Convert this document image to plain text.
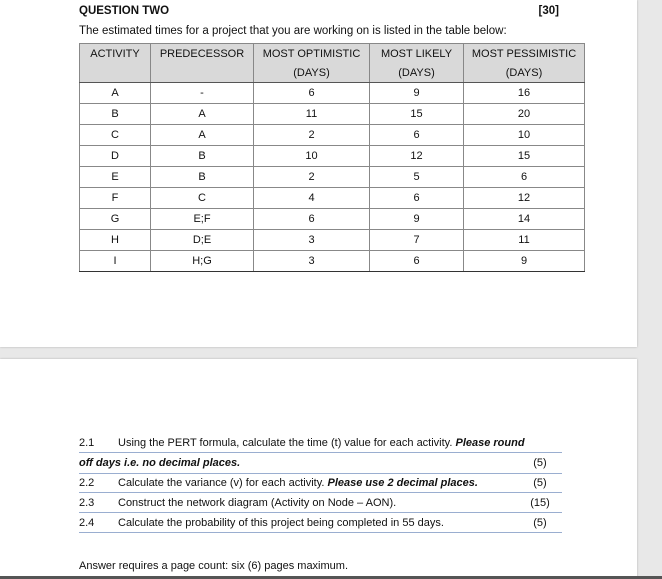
QUESTION TWO	[30]
The estimated times for a project that you are working on is listed in the table below:
ACTIVITY	PREDECESSOR	MOST OPTIMISTIC	MOST LIKELY	MOST PESSIMISTIC
		(DAYS)	(DAYS)	(DAYS)
A	-	6	9	16
B	A	11	15	20
C	A	2	6	10
D	B	10	12	15
E	B	2	5	6
F	C	4	6	12
G	E;F	6	9	14
H	D;E	3	7	11
I	H;G	3	6	9
2.1 Using the PERT formula, calculate the time (t) value for each activity. Please round
off days i.e. no decimal places.	(5)
2.2 Calculate the variance (v) for each activity. Please use 2 decimal places.	(5)
2.3 Construct the network diagram (Activity on Node – AON).	(15)
2.4 Calculate the probability of this project being completed in 55 days.	(5)
Answer requires a page count: six (6) pages maximum.
